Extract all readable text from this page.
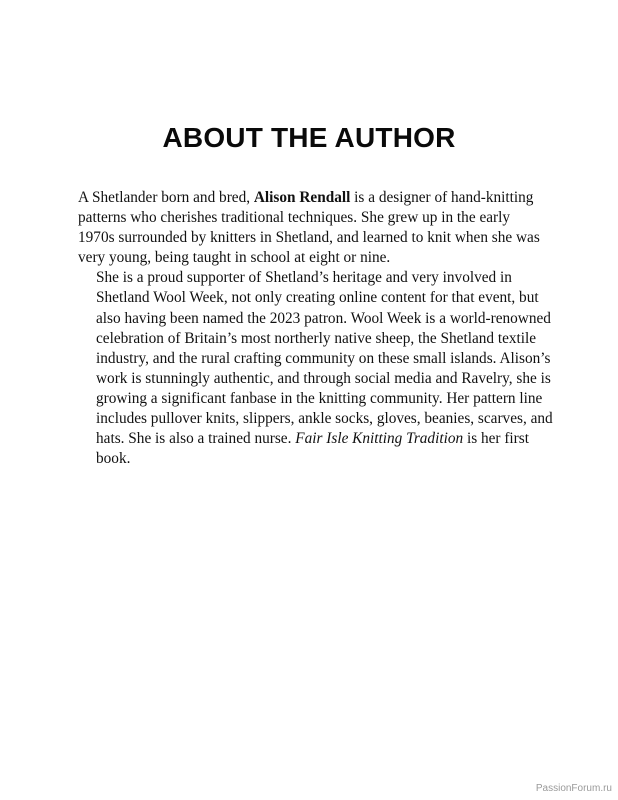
ABOUT THE AUTHOR

A Shetlander born and bred, Alison Rendall is a designer of hand-knitting
patterns who cherishes traditional techniques. She grew up in the early
1970s surrounded by knitters in Shetland, and learned to knit when she was
very young, being taught in school at eight or nine.

She is a proud supporter of Shetland’s heritage and very involved in
Shetland Wool Week, not only creating online content for that event, but
also having been named the 2023 patron. Wool Week is a world-renowned
celebration of Britain’s most northerly native sheep, the Shetland textile
industry, and the rural crafting community on these small islands. Alison’s
work is stunningly authentic, and through social media and Ravelry, she is
growing a significant fanbase in the knitting community. Her pattern line
includes pullover knits, slippers, ankle socks, gloves, beanies, scarves, and
hats. She is also a trained nurse. Fair Isle Knitting Tradition is her first
book.

PassionForum.ru
